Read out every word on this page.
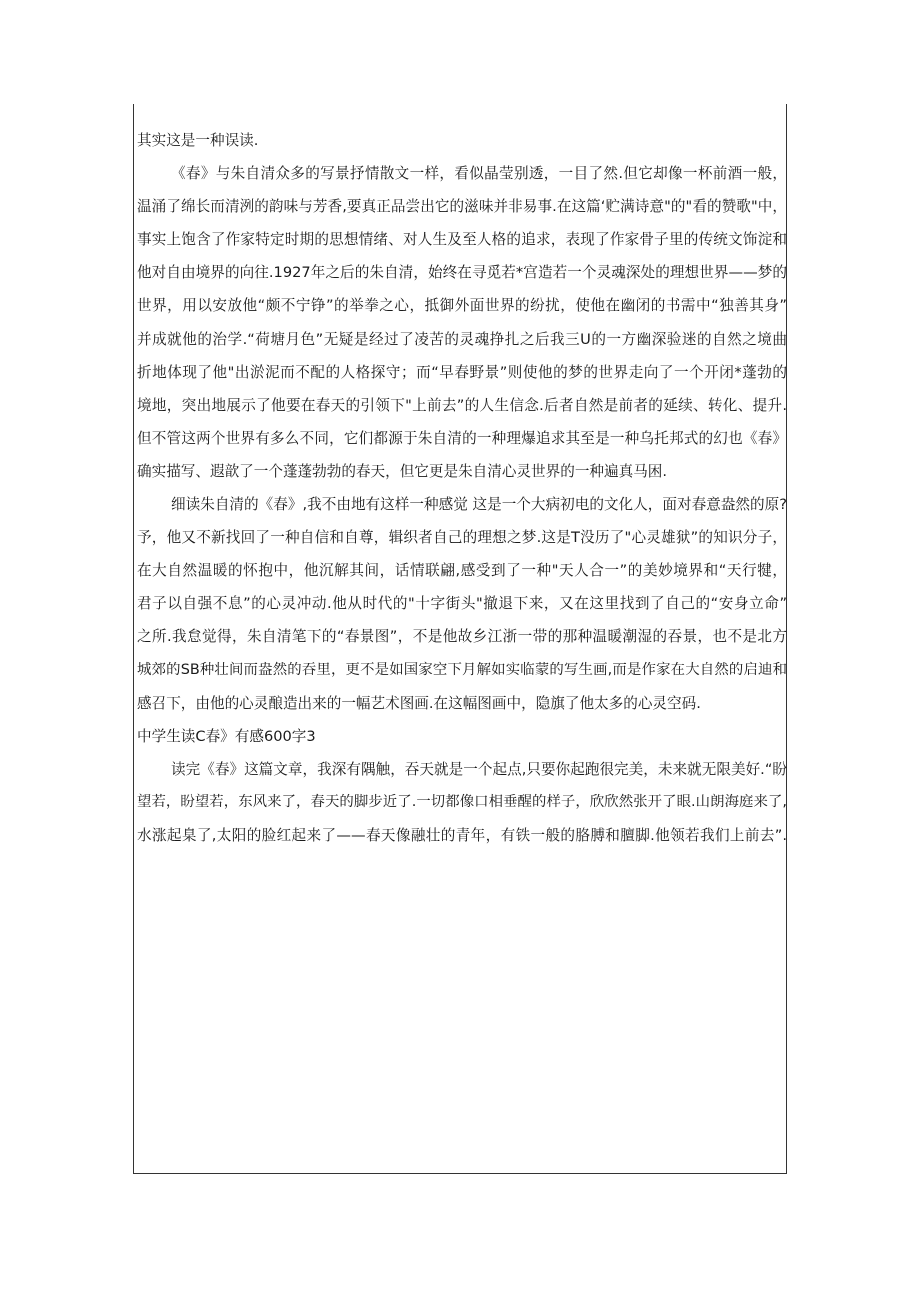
其实这是一种误读.
《春》与朱自清众多的写景抒情散文一样，看似晶莹别透，一目了然.但它却像一杯前酒一般，
温涌了绵长而清洌的韵味与芳香,要真正品尝出它的滋味并非易事.在这篇‘贮满诗意"的"看的赞歌"中，
事实上饱含了作家特定时期的思想情绪、对人生及至人格的追求，表现了作家骨子里的传统文饰淀和
他对自由境界的向往.1927年之后的朱自清，始终在寻觅若*宫造若一个灵魂深处的理想世界——梦的
世界，用以安放他“颇不宁铮”的举拳之心，抵御外面世界的纷扰，使他在幽闭的书需中“独善其身”
并成就他的治学.“荷塘月色”无疑是经过了凌苦的灵魂挣扎之后我三U的一方幽深验迷的自然之境曲
折地体现了他"出淤泥而不配的人格探守；而“早春野景”则使他的梦的世界走向了一个开闭*蓬勃的
境地，突出地展示了他要在春天的引领下"上前去”的人生信念.后者自然是前者的延续、转化、提升.
但不管这两个世界有多么不同，它们都源于朱自清的一种理爆追求其至是一种乌托邦式的幻也《春》
确实描写、遐歆了一个蓬蓬勃勃的春天，但它更是朱自清心灵世界的一种遍真马困.
细读朱自清的《春》,我不由地有这样一种感觉 这是一个大病初电的文化人，面对春意盎然的原?
予，他又不新找回了一种自信和自尊，辑织者自己的理想之梦.这是T没历了"心灵雄狱”的知识分子，
在大自然温暖的怀抱中，他沉解其间，话情联翩,感受到了一种"天人合一”的美妙境界和“天行犍，
君子以自强不息”的心灵冲动.他从时代的"十字街头"撤退下来，又在这里找到了自己的“安身立命”
之所.我怠觉得，朱自清笔下的“春景图”，不是他故乡江浙一带的那种温暖潮湿的吞景，也不是北方
城郊的SB种壮间而盎然的吞里，更不是如国家空下月解如实临蒙的写生画,而是作家在大自然的启迪和
感召下，由他的心灵酿造出来的一幅艺术图画.在这幅图画中，隐旗了他太多的心灵空码.
中学生读C春》有感600字3
读完《春》这篇文章，我深有隅触，吞天就是一个起点,只要你起跑很完美，未来就无限美好.“盼
望若，盼望若，东风来了，春天的脚步近了.一切都像口相垂醒的样子，欣欣然张开了眼.山朗海庭来了,
水涨起臬了,太阳的脸红起来了——春天像融壮的青年，有铁一般的胳膊和膻脚.他领若我们上前去”.
